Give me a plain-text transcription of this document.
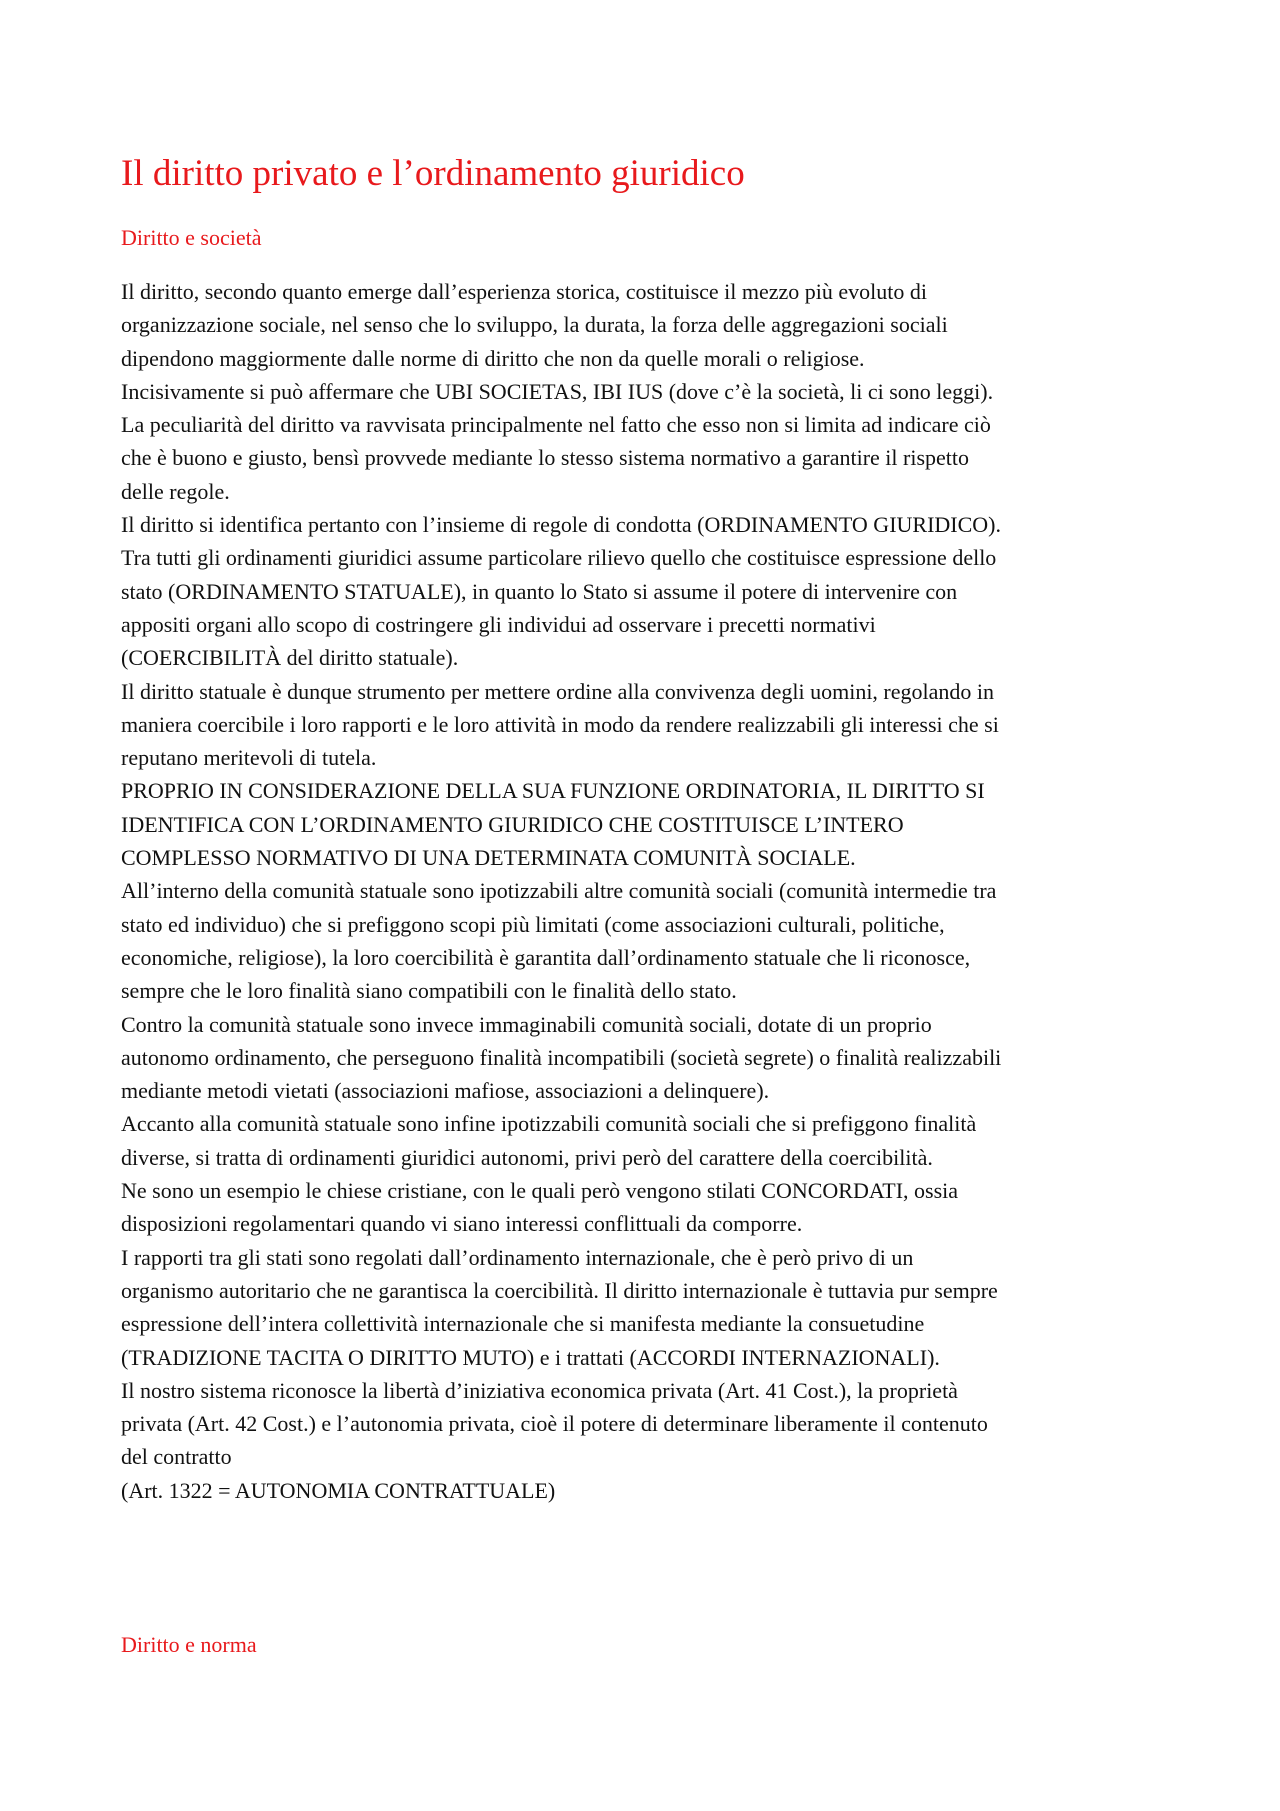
Il diritto privato e l’ordinamento giuridico
Diritto e società
Il diritto, secondo quanto emerge dall’esperienza storica, costituisce il mezzo più evoluto di
organizzazione sociale, nel senso che lo sviluppo, la durata, la forza delle aggregazioni sociali
dipendono maggiormente dalle norme di diritto che non da quelle morali o religiose.
Incisivamente si può affermare che UBI SOCIETAS, IBI IUS (dove c’è la società, li ci sono leggi).
La peculiarità del diritto va ravvisata principalmente nel fatto che esso non si limita ad indicare ciò
che è buono e giusto, bensì provvede mediante lo stesso sistema normativo a garantire il rispetto
delle regole.
Il diritto si identifica pertanto con l’insieme di regole di condotta (ORDINAMENTO GIURIDICO).
Tra tutti gli ordinamenti giuridici assume particolare rilievo quello che costituisce espressione dello
stato (ORDINAMENTO STATUALE), in quanto lo Stato si assume il potere di intervenire con
appositi organi allo scopo di costringere gli individui ad osservare i precetti normativi
(COERCIBILITÀ del diritto statuale).
Il diritto statuale è dunque strumento per mettere ordine alla convivenza degli uomini, regolando in
maniera coercibile i loro rapporti e le loro attività in modo da rendere realizzabili gli interessi che si
reputano meritevoli di tutela.
PROPRIO IN CONSIDERAZIONE DELLA SUA FUNZIONE ORDINATORIA, IL DIRITTO SI
IDENTIFICA CON L’ORDINAMENTO GIURIDICO CHE COSTITUISCE L’INTERO
COMPLESSO NORMATIVO DI UNA DETERMINATA COMUNITÀ SOCIALE.
All’interno della comunità statuale sono ipotizzabili altre comunità sociali (comunità intermedie tra
stato ed individuo) che si prefiggono scopi più limitati (come associazioni culturali, politiche,
economiche, religiose), la loro coercibilità è garantita dall’ordinamento statuale che li riconosce,
sempre che le loro finalità siano compatibili con le finalità dello stato.
Contro la comunità statuale sono invece immaginabili comunità sociali, dotate di un proprio
autonomo ordinamento, che perseguono finalità incompatibili (società segrete) o finalità realizzabili
mediante metodi vietati (associazioni mafiose, associazioni a delinquere).
Accanto alla comunità statuale sono infine ipotizzabili comunità sociali che si prefiggono finalità
diverse, si tratta di ordinamenti giuridici autonomi, privi però del carattere della coercibilità.
Ne sono un esempio le chiese cristiane, con le quali però vengono stilati CONCORDATI, ossia
disposizioni regolamentari quando vi siano interessi conflittuali da comporre.
I rapporti tra gli stati sono regolati dall’ordinamento internazionale, che è però privo di un
organismo autoritario che ne garantisca la coercibilità. Il diritto internazionale è tuttavia pur sempre
espressione dell’intera collettività internazionale che si manifesta mediante la consuetudine
(TRADIZIONE TACITA O DIRITTO MUTO) e i trattati (ACCORDI INTERNAZIONALI).
Il nostro sistema riconosce la libertà d’iniziativa economica privata (Art. 41 Cost.), la proprietà
privata (Art. 42 Cost.) e l’autonomia privata, cioè il potere di determinare liberamente il contenuto
del contratto
(Art. 1322 = AUTONOMIA CONTRATTUALE)
Diritto e norma
